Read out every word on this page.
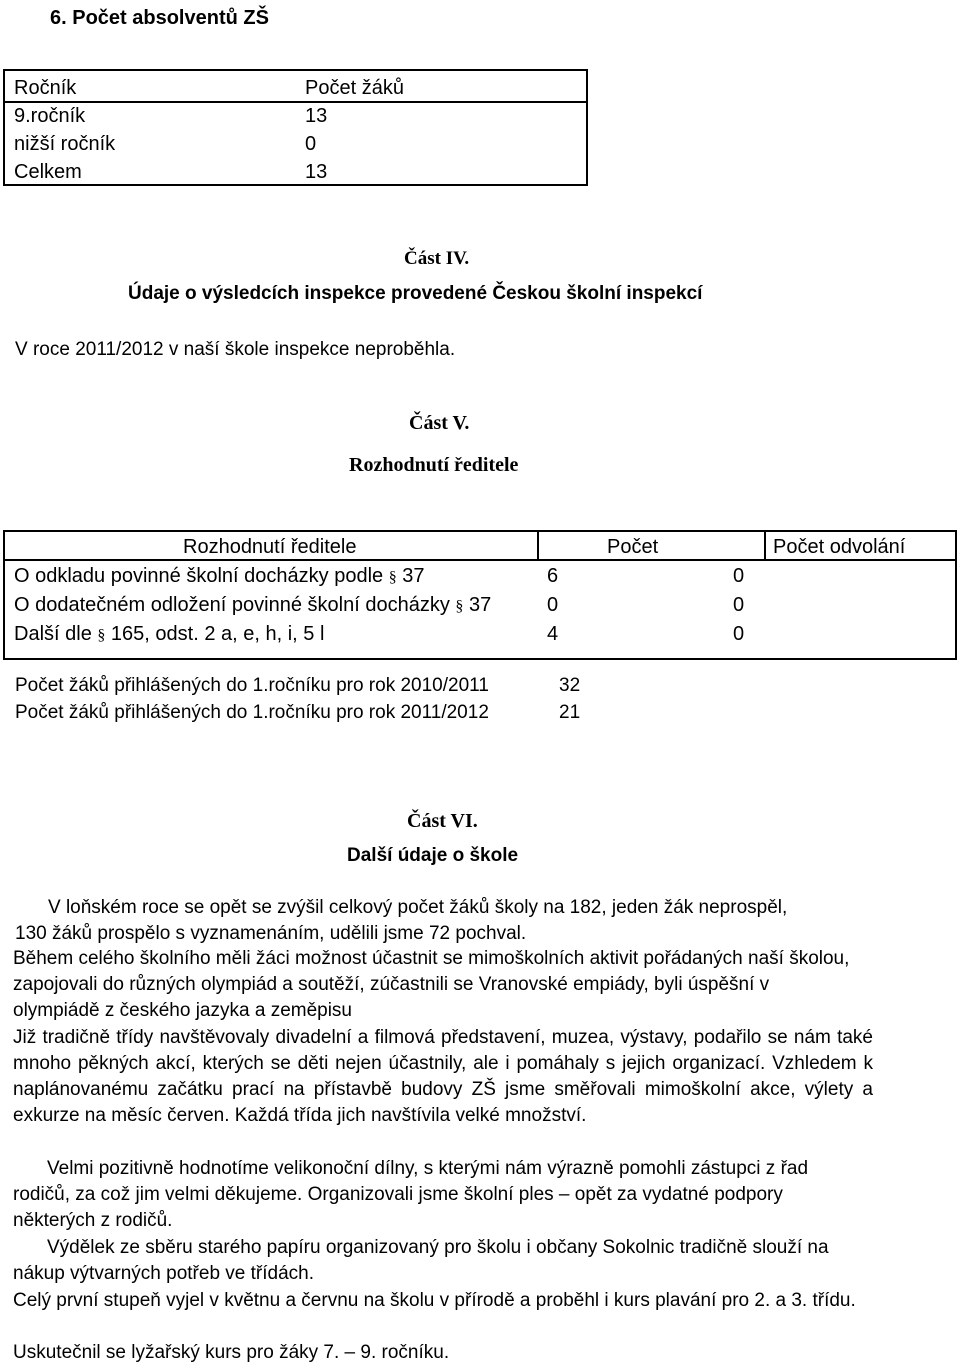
6. Počet absolventů ZŠ
Ročník	Počet žáků
9.ročník	13
nižší ročník	0
Celkem	13
Část IV.
Údaje o výsledcích inspekce provedené Českou školní inspekcí
V roce 2011/2012 v naší škole inspekce neproběhla.
Část V.
Rozhodnutí ředitele
Rozhodnutí ředitele	Počet	Počet odvolání
O odkladu povinné školní docházky podle § 37	6	0
O dodatečném odložení povinné školní docházky § 37	0	0
Další dle § 165, odst. 2 a, e, h, i, 5 l	4	0
Počet žáků přihlášených do 1.ročníku pro rok 2010/2011	32
Počet žáků přihlášených do 1.ročníku pro rok 2011/2012	21
Část VI.
Další údaje o škole
V loňském roce se opět se zvýšil celkový počet žáků školy na 182, jeden žák neprospěl,
130 žáků prospělo s vyznamenáním, udělili jsme 72 pochval.
Během celého školního měli žáci možnost účastnit se mimoškolních aktivit pořádaných naší školou, zapojovali do různých olympiád a soutěží, zúčastnili se Vranovské empiády, byli úspěšní v olympiádě z českého jazyka a zeměpisu
Již tradičně třídy navštěvovaly divadelní a filmová představení, muzea, výstavy, podařilo se nám také mnoho pěkných akcí, kterých se děti nejen účastnily, ale i pomáhaly s jejich organizací. Vzhledem k naplánovanému začátku prací na přístavbě budovy ZŠ jsme směřovali mimoškolní akce, výlety a exkurze na měsíc červen. Každá třída jich navštívila velké množství.
Velmi pozitivně hodnotíme velikonoční dílny, s kterými nám výrazně pomohli zástupci z řad rodičů, za což jim velmi děkujeme. Organizovali jsme školní ples – opět za vydatné podpory některých z rodičů.
Výdělek ze sběru starého papíru organizovaný pro školu i občany Sokolnic tradičně slouží na nákup výtvarných potřeb ve třídách.
Celý první stupeň vyjel v květnu a červnu na školu v přírodě a proběhl i kurs plavání pro 2. a 3. třídu.
Uskutečnil se lyžařský kurs pro žáky 7. – 9. ročníku.
